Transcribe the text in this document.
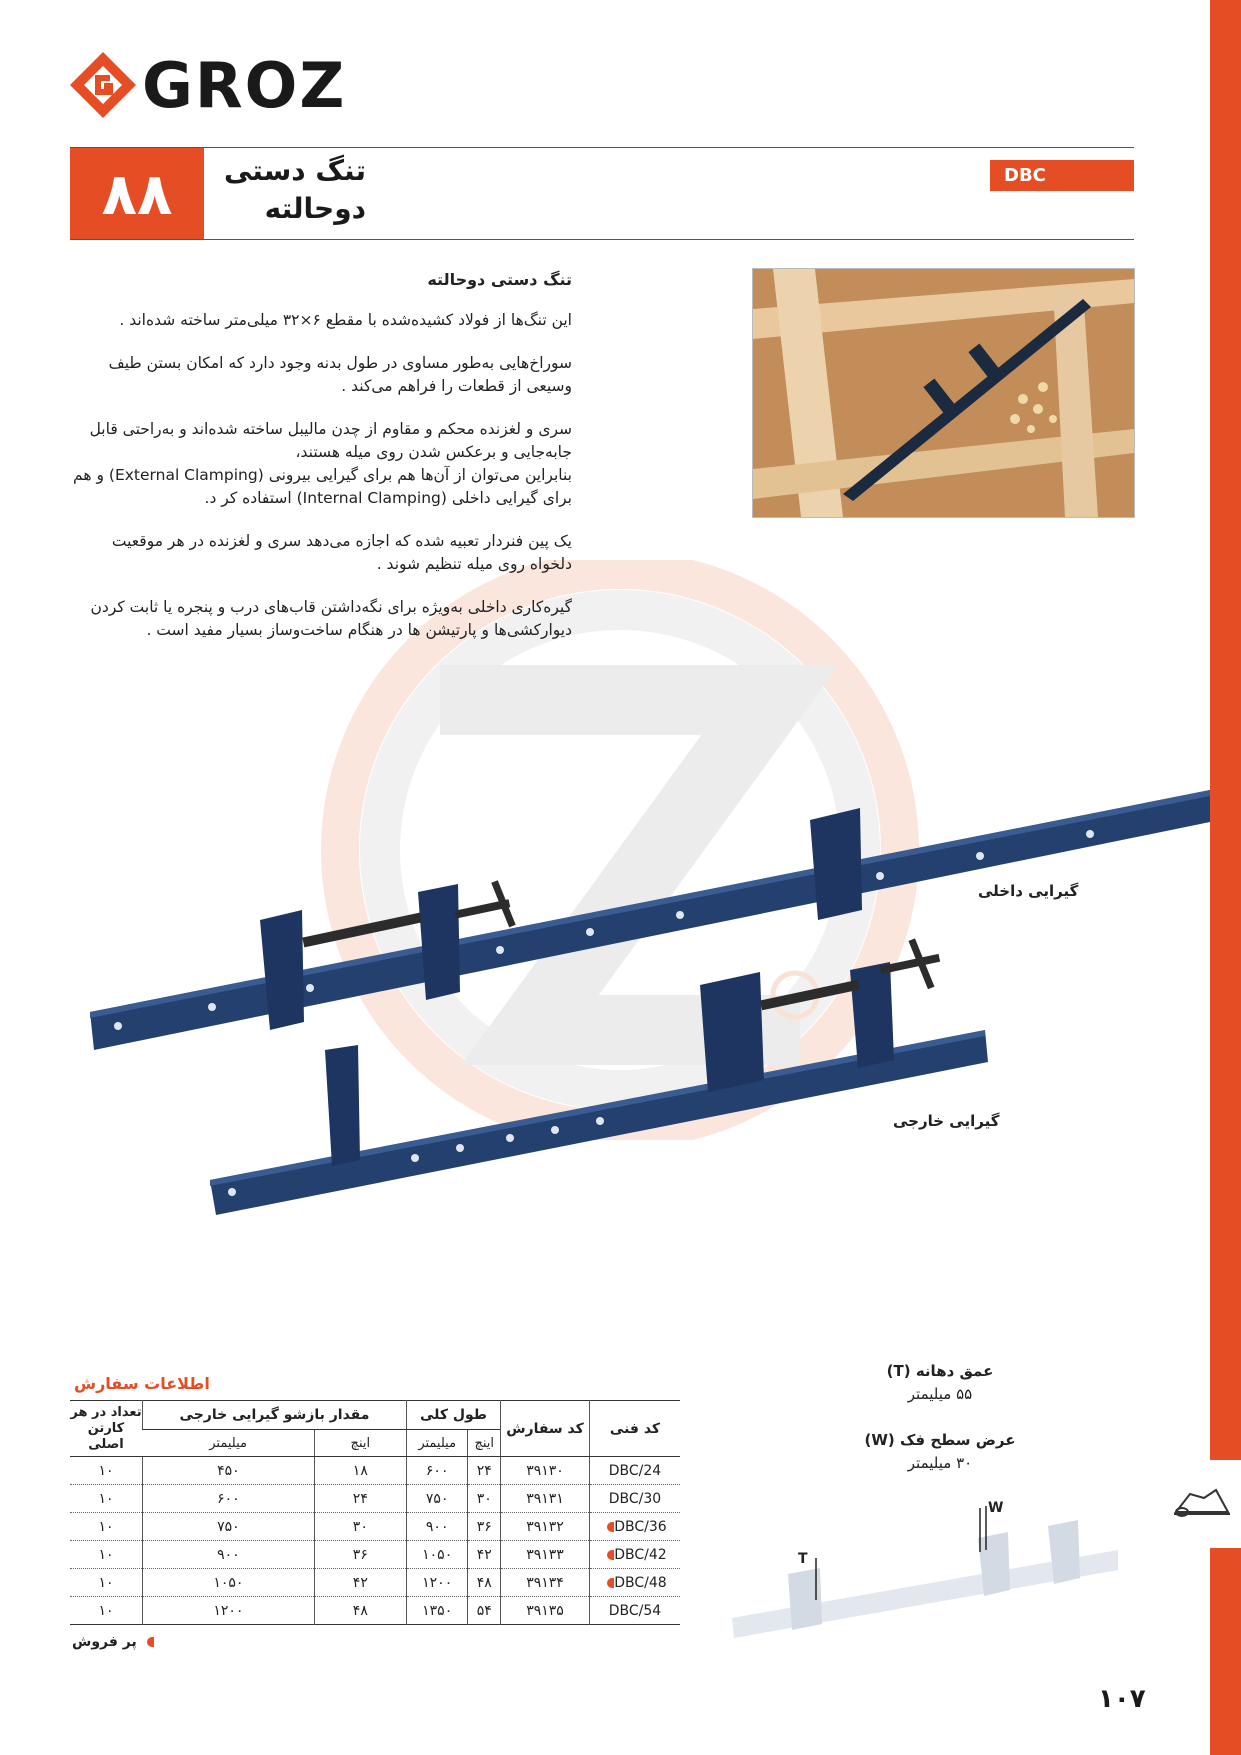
GROZ
۸۸	تنگ دستی
دوحالته
DBC
تنگ دستی دوحالته

این تنگ‌ها از فولاد کشیده‌شده با مقطع ۶×۳۲ میلی‌متر ساخته شده‌اند .

سوراخ‌هایی به‌طور مساوی در طول بدنه وجود دارد که امکان بستن طیف وسیعی از قطعات را فراهم می‌کند .

سری و لغزنده محکم و مقاوم از چدن مالیبل ساخته شده‌اند و به‌راحتی قابل جابه‌جایی و برعکس شدن روی میله هستند،

بنابراین می‌توان از آن‌ها هم برای گیرایی بیرونی (External Clamping) و هم برای گیرایی داخلی (Internal Clamping) استفاده کر د.

یک پین فنردار تعبیه شده که اجازه می‌دهد سری و لغزنده در هر موقعیت دلخواه روی میله تنظیم شوند .

گیره‌کاری داخلی به‌ویژه برای نگه‌داشتن قاب‌های درب و پنجره یا ثابت کردن دیوارکشی‌ها و پارتیشن ها در هنگام ساخت‌وساز بسیار مفید است .

گیرایی داخلی
گیرایی خارجی
عمق دهانه (T)
۵۵ میلیمتر
عرض سطح فک (W)
۳۰ میلیمتر
T
W
اطلاعات سفارش
کد فنی	کد سفارش	طول کلی		مقدار بازشو گیرایی خارجی		تعداد در هر کارتن اصلی
		اینچ	میلیمتر	اینچ	میلیمتر	
DBC/24	۳۹۱۳۰	۲۴	۶۰۰	۱۸	۴۵۰	۱۰
DBC/30	۳۹۱۳۱	۳۰	۷۵۰	۲۴	۶۰۰	۱۰
DBC/36	۳۹۱۳۲	۳۶	۹۰۰	۳۰	۷۵۰	۱۰
DBC/42	۳۹۱۳۳	۴۲	۱۰۵۰	۳۶	۹۰۰	۱۰
DBC/48	۳۹۱۳۴	۴۸	۱۲۰۰	۴۲	۱۰۵۰	۱۰
DBC/54	۳۹۱۳۵	۵۴	۱۳۵۰	۴۸	۱۲۰۰	۱۰
پر فروش
۱۰۷
